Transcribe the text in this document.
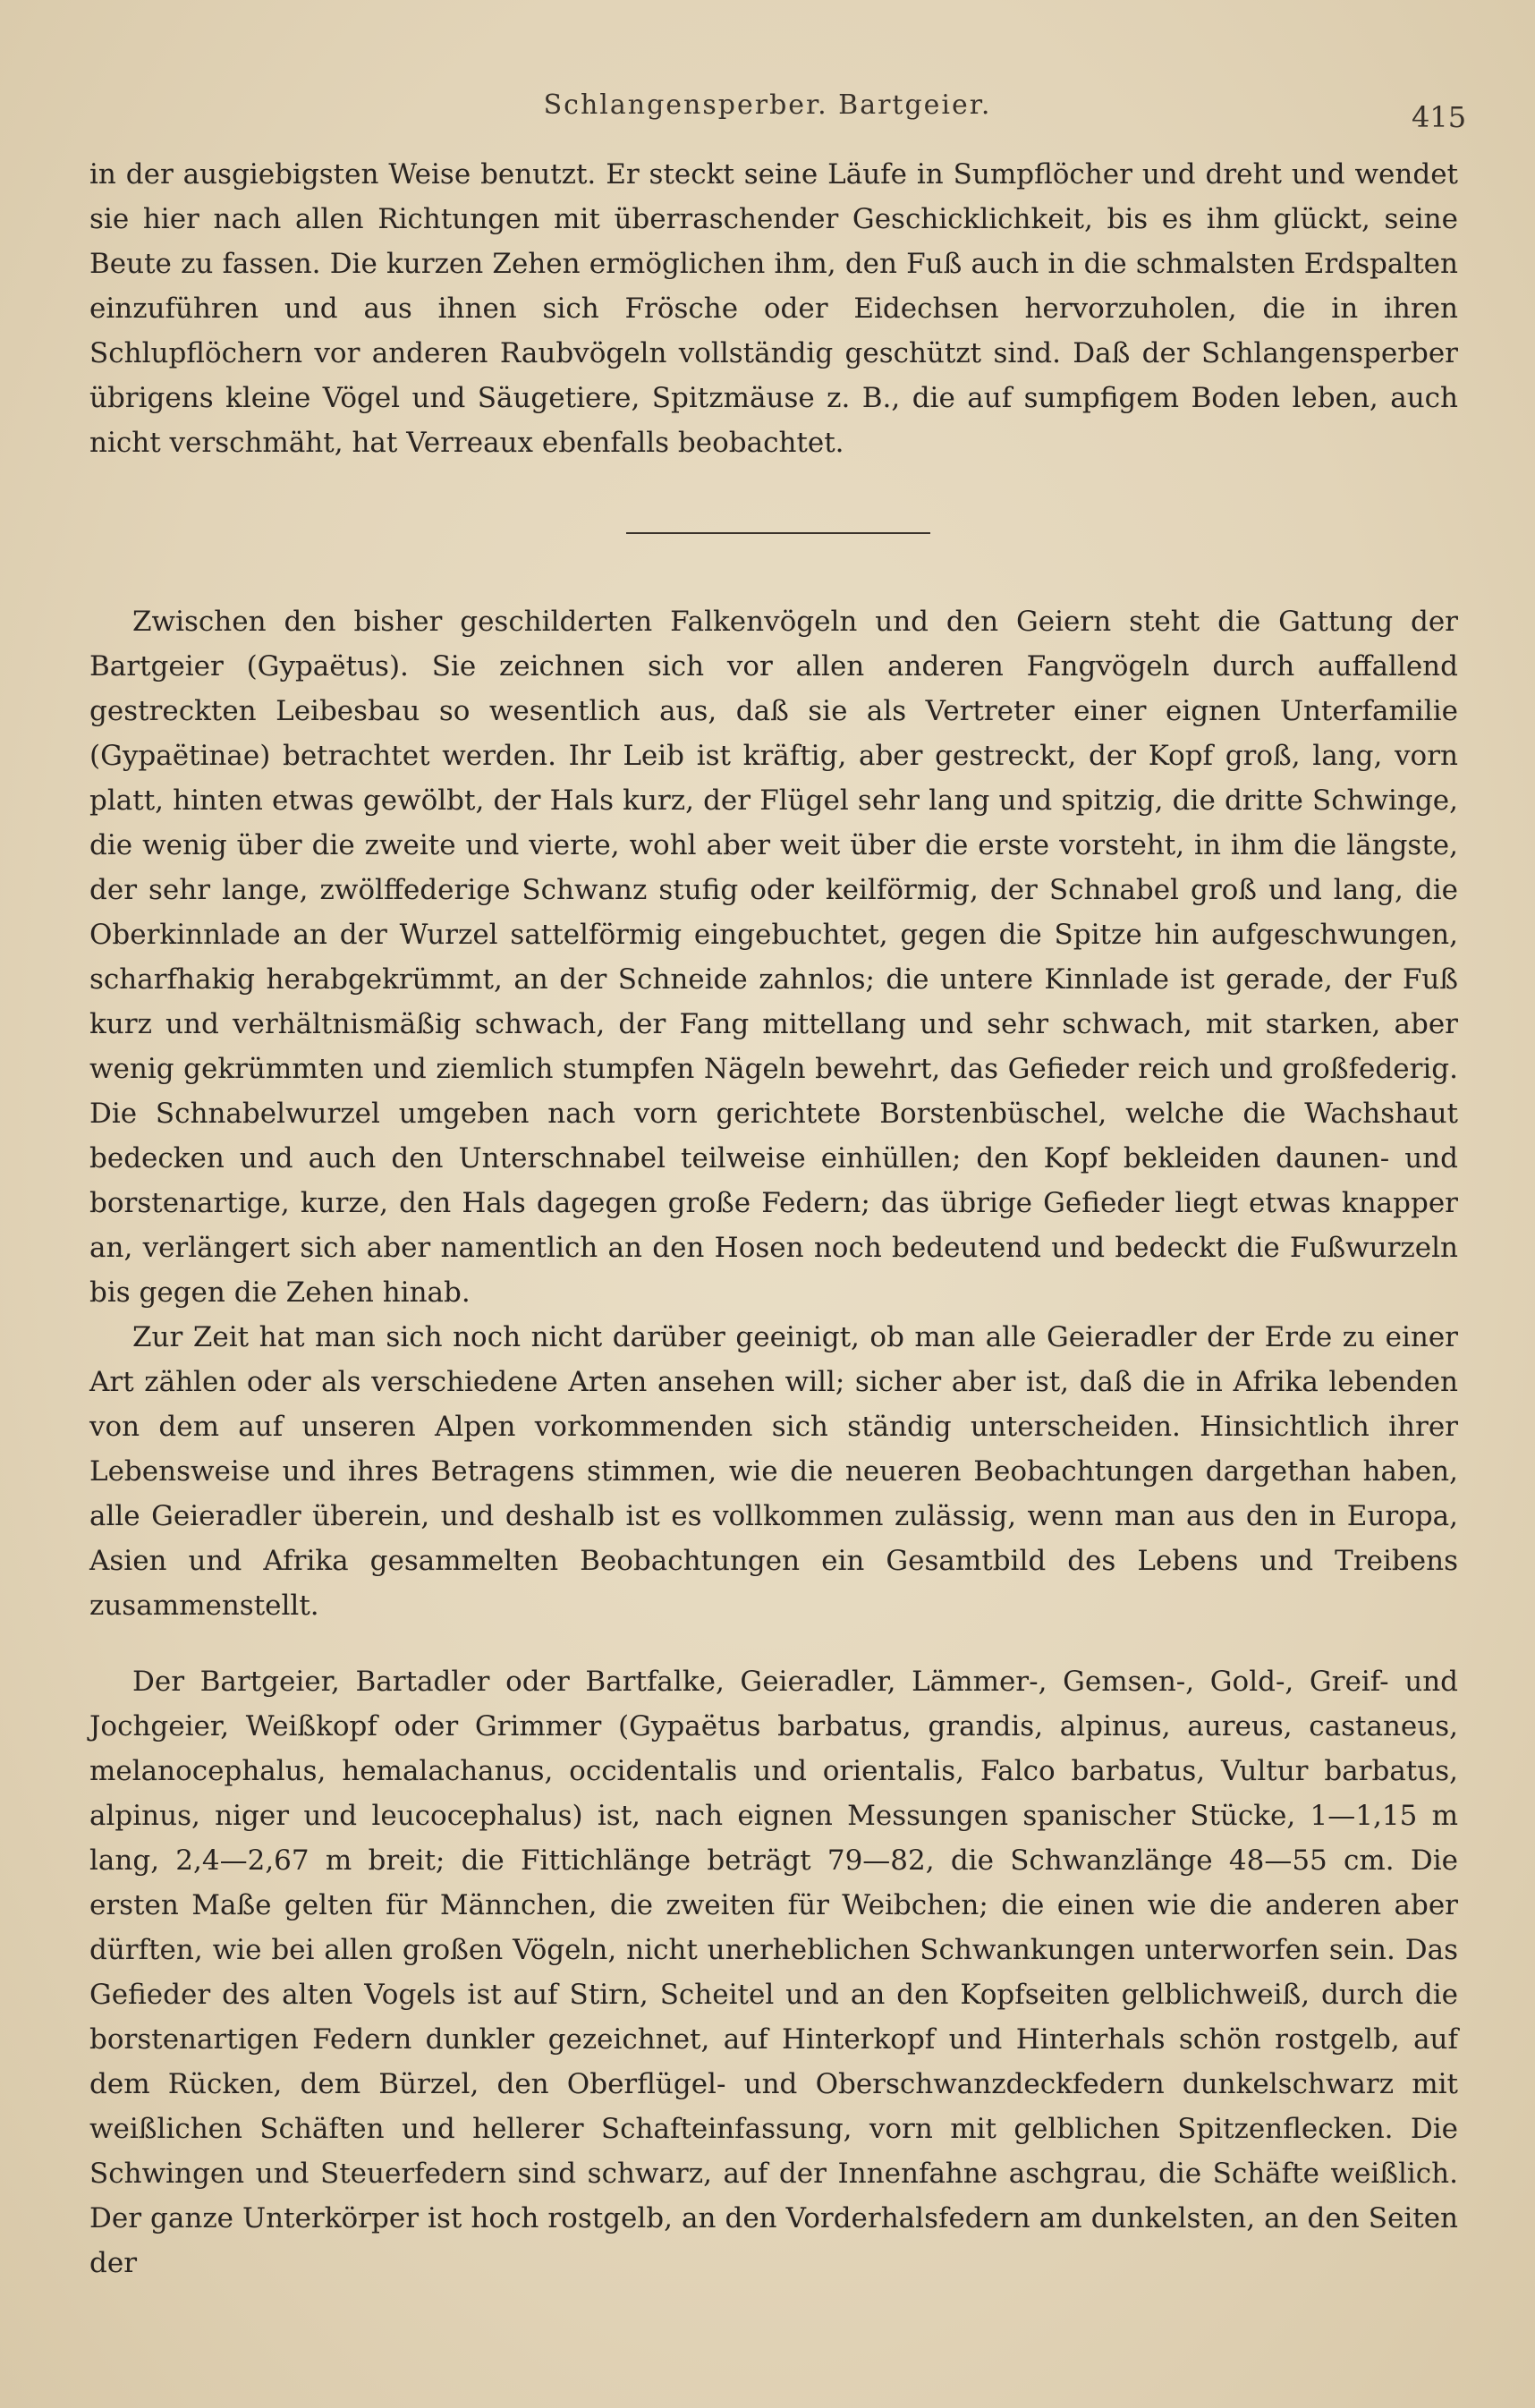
Schlangensperber. Bartgeier.	415

in der ausgiebigsten Weise benutzt. Er steckt seine Läufe in Sumpflöcher und dreht und wendet sie hier nach allen Richtungen mit überraschender Geschicklichkeit, bis es ihm glückt, seine Beute zu fassen. Die kurzen Zehen ermöglichen ihm, den Fuß auch in die schmalsten Erdspalten einzuführen und aus ihnen sich Frösche oder Eidechsen hervorzuholen, die in ihren Schlupflöchern vor anderen Raubvögeln vollständig geschützt sind. Daß der Schlangensperber übrigens kleine Vögel und Säugetiere, Spitzmäuse z. B., die auf sumpfigem Boden leben, auch nicht verschmäht, hat Verreaux ebenfalls beobachtet.

Zwischen den bisher geschilderten Falkenvögeln und den Geiern steht die Gattung der Bartgeier (Gypaëtus). Sie zeichnen sich vor allen anderen Fangvögeln durch auffallend gestreckten Leibesbau so wesentlich aus, daß sie als Vertreter einer eignen Unterfamilie (Gypaëtinae) betrachtet werden. Ihr Leib ist kräftig, aber gestreckt, der Kopf groß, lang, vorn platt, hinten etwas gewölbt, der Hals kurz, der Flügel sehr lang und spitzig, die dritte Schwinge, die wenig über die zweite und vierte, wohl aber weit über die erste vorsteht, in ihm die längste, der sehr lange, zwölffederige Schwanz stufig oder keilförmig, der Schnabel groß und lang, die Oberkinnlade an der Wurzel sattelförmig eingebuchtet, gegen die Spitze hin aufgeschwungen, scharfhakig herabgekrümmt, an der Schneide zahnlos; die untere Kinnlade ist gerade, der Fuß kurz und verhältnismäßig schwach, der Fang mittellang und sehr schwach, mit starken, aber wenig gekrümmten und ziemlich stumpfen Nägeln bewehrt, das Gefieder reich und großfederig. Die Schnabelwurzel umgeben nach vorn gerichtete Borstenbüschel, welche die Wachshaut bedecken und auch den Unterschnabel teilweise einhüllen; den Kopf bekleiden daunen- und borstenartige, kurze, den Hals dagegen große Federn; das übrige Gefieder liegt etwas knapper an, verlängert sich aber namentlich an den Hosen noch bedeutend und bedeckt die Fußwurzeln bis gegen die Zehen hinab.

Zur Zeit hat man sich noch nicht darüber geeinigt, ob man alle Geieradler der Erde zu einer Art zählen oder als verschiedene Arten ansehen will; sicher aber ist, daß die in Afrika lebenden von dem auf unseren Alpen vorkommenden sich ständig unterscheiden. Hinsichtlich ihrer Lebensweise und ihres Betragens stimmen, wie die neueren Beobachtungen dargethan haben, alle Geieradler überein, und deshalb ist es vollkommen zulässig, wenn man aus den in Europa, Asien und Afrika gesammelten Beobachtungen ein Gesamtbild des Lebens und Treibens zusammenstellt.

Der Bartgeier, Bartadler oder Bartfalke, Geieradler, Lämmer-, Gemsen-, Gold-, Greif- und Jochgeier, Weißkopf oder Grimmer (Gypaëtus barbatus, grandis, alpinus, aureus, castaneus, melanocephalus, hemalachanus, occidentalis und orientalis, Falco barbatus, Vultur barbatus, alpinus, niger und leucocephalus) ist, nach eignen Messungen spanischer Stücke, 1—1,15 m lang, 2,4—2,67 m breit; die Fittichlänge beträgt 79—82, die Schwanzlänge 48—55 cm. Die ersten Maße gelten für Männchen, die zweiten für Weibchen; die einen wie die anderen aber dürften, wie bei allen großen Vögeln, nicht unerheblichen Schwankungen unterworfen sein. Das Gefieder des alten Vogels ist auf Stirn, Scheitel und an den Kopfseiten gelblichweiß, durch die borstenartigen Federn dunkler gezeichnet, auf Hinterkopf und Hinterhals schön rostgelb, auf dem Rücken, dem Bürzel, den Oberflügel- und Oberschwanzdeckfedern dunkelschwarz mit weißlichen Schäften und hellerer Schafteinfassung, vorn mit gelblichen Spitzenflecken. Die Schwingen und Steuerfedern sind schwarz, auf der Innenfahne aschgrau, die Schäfte weißlich. Der ganze Unterkörper ist hoch rostgelb, an den Vorderhalsfedern am dunkelsten, an den Seiten der
